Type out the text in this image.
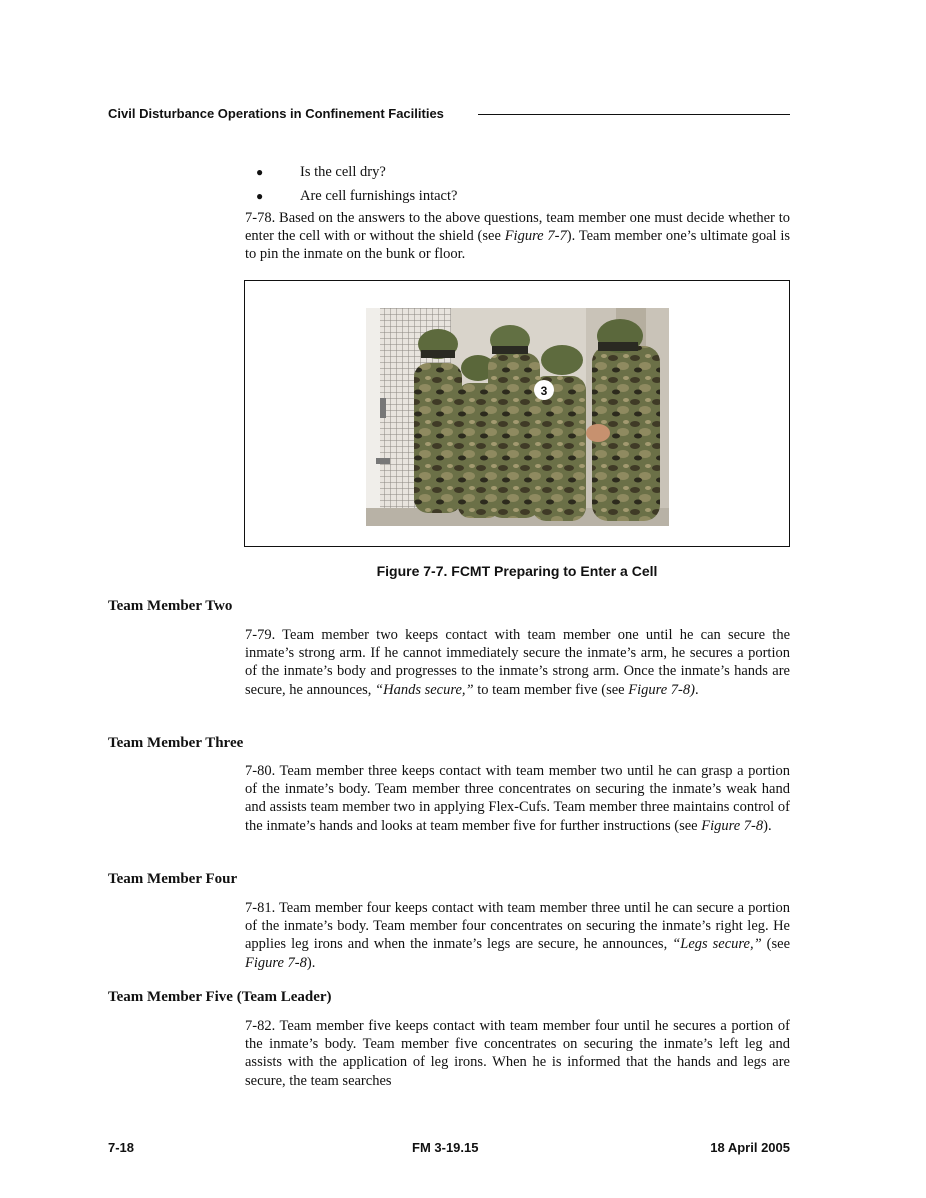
Civil Disturbance Operations in Confinement Facilities
●	Is the cell dry?
●	Are cell furnishings intact?

7-78. Based on the answers to the above questions, team member one must decide whether to enter the cell with or without the shield (see Figure 7-7). Team member one’s ultimate goal is to pin the inmate on the bunk or floor.

3
Figure 7-7. FCMT Preparing to Enter a Cell
Team Member Two

7-79. Team member two keeps contact with team member one until he can secure the inmate’s strong arm. If he cannot immediately secure the inmate’s arm, he secures a portion of the inmate’s body and progresses to the inmate’s strong arm. Once the inmate’s hands are secure, he announces, “Hands secure,” to team member five (see Figure 7-8).

Team Member Three

7-80. Team member three keeps contact with team member two until he can grasp a portion of the inmate’s body. Team member three concentrates on securing the inmate’s weak hand and assists team member two in applying Flex-Cufs. Team member three maintains control of the inmate’s hands and looks at team member five for further instructions (see Figure 7-8).

Team Member Four

7-81. Team member four keeps contact with team member three until he can secure a portion of the inmate’s body. Team member four concentrates on securing the inmate’s right leg. He applies leg irons and when the inmate’s legs are secure, he announces, “Legs secure,” (see Figure 7-8).

Team Member Five (Team Leader)

7-82. Team member five keeps contact with team member four until he secures a portion of the inmate’s body. Team member five concentrates on securing the inmate’s left leg and assists with the application of leg irons. When he is informed that the hands and legs are secure, the team searches

7-18	FM 3-19.15	18 April 2005
